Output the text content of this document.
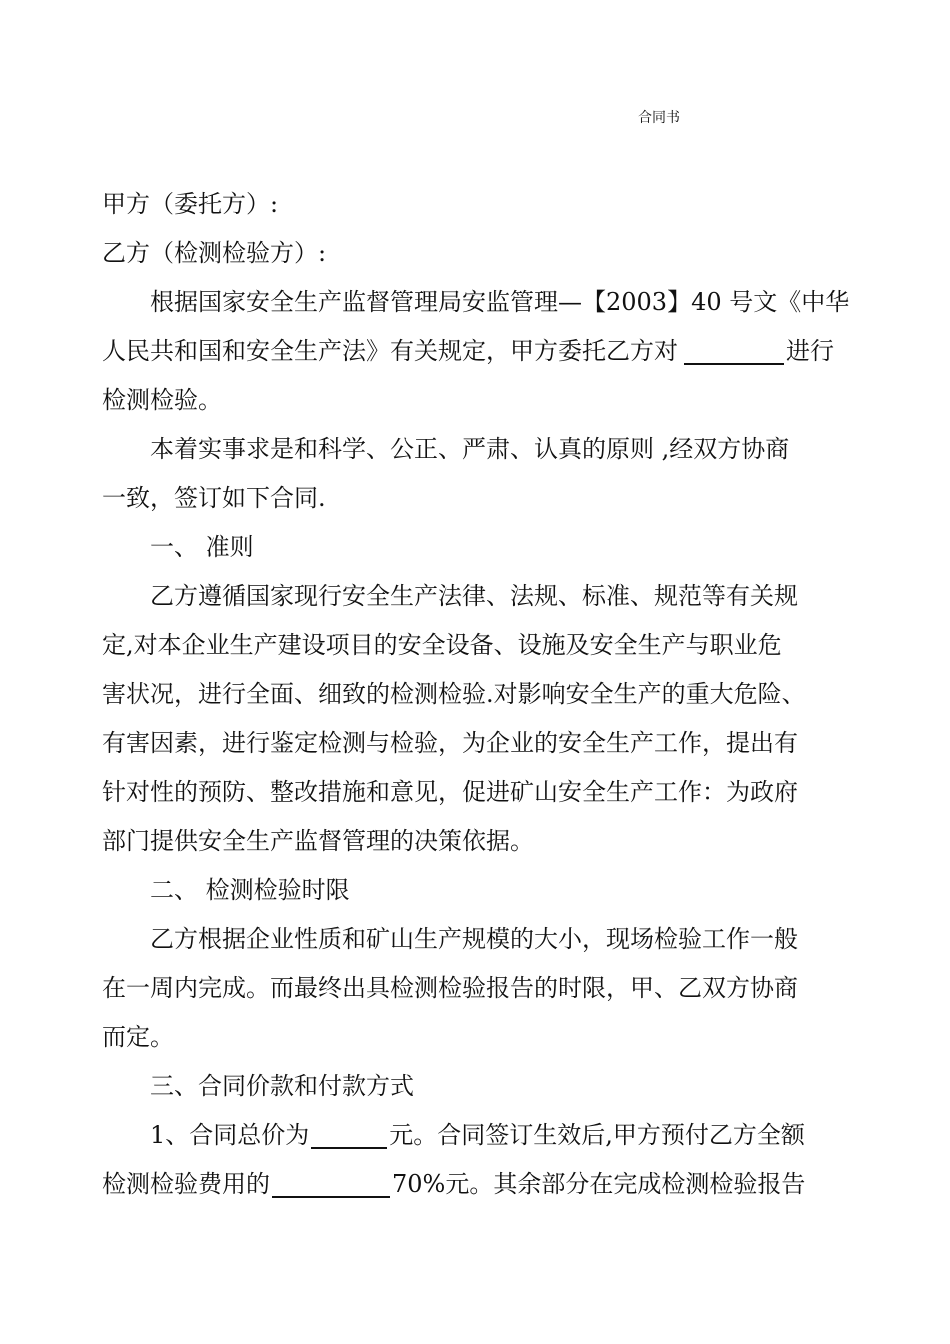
合同书
甲方（委托方）:
乙方（检测检验方）:
根据国家安全生产监督管理局安监管理—【2003】40 号文《中华
人民共和国和安全生产法》有关规定，甲方委托乙方对	进行
检测检验。
本着实事求是和科学、公正、严肃、认真的原则 ,经双方协商
一致，签订如下合同.
一、 准则
乙方遵循国家现行安全生产法律、法规、标准、规范等有关规
定,对本企业生产建设项目的安全设备、设施及安全生产与职业危
害状况，进行全面、细致的检测检验.对影响安全生产的重大危险、
有害因素，进行鉴定检测与检验，为企业的安全生产工作，提出有
针对性的预防、整改措施和意见，促进矿山安全生产工作：为政府
部门提供安全生产监督管理的决策依据。
二、 检测检验时限
乙方根据企业性质和矿山生产规模的大小，现场检验工作一般
在一周内完成。而最终出具检测检验报告的时限，甲、乙双方协商
而定。
三、合同价款和付款方式
1、合同总价为	元。合同签订生效后,甲方预付乙方全额
检测检验费用的	70%元。其余部分在完成检测检验报告
